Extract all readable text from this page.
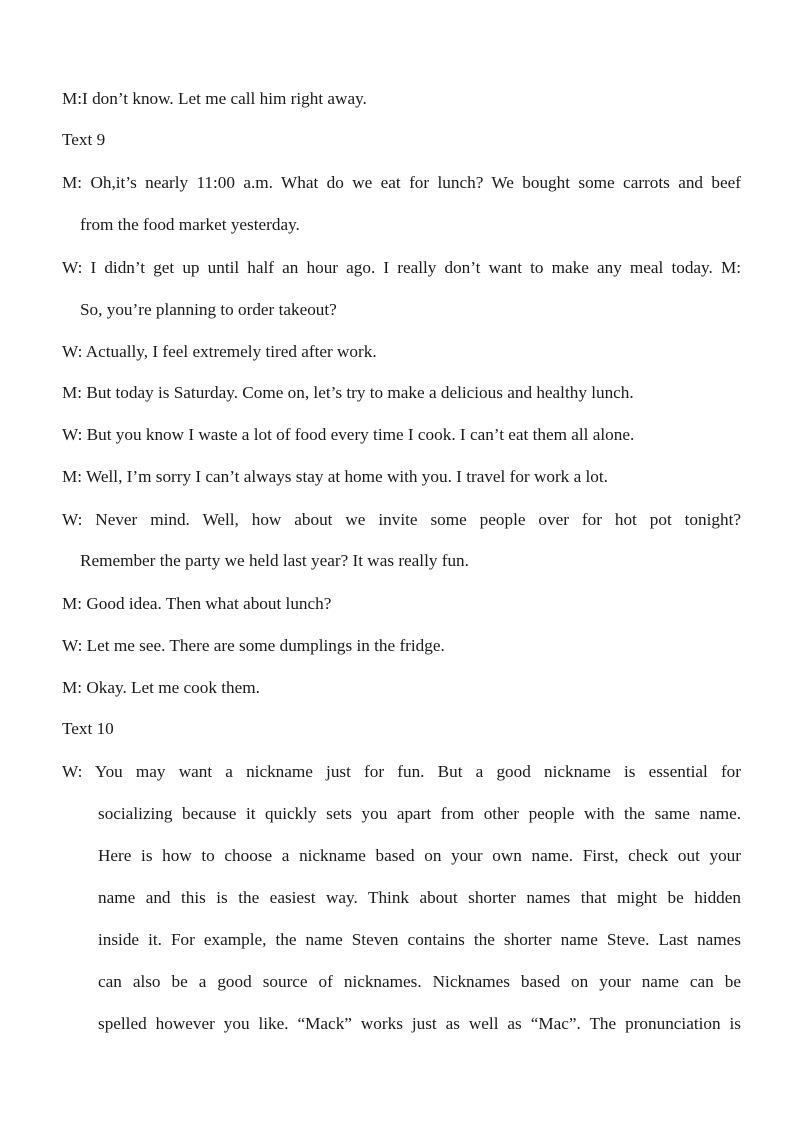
M:I don’t know. Let me call him right away.
Text 9
M: Oh,it’s nearly 11:00 a.m. What do we eat for lunch? We bought some carrots and beef
from the food market yesterday.
W: I didn’t get up until half an hour ago. I really don’t want to make any meal today. M:
So, you’re planning to order takeout?
W: Actually, I feel extremely tired after work.
M: But today is Saturday. Come on, let’s try to make a delicious and healthy lunch.
W: But you know I waste a lot of food every time I cook. I can’t eat them all alone.
M: Well, I’m sorry I can’t always stay at home with you. I travel for work a lot.
W: Never mind. Well, how about we invite some people over for hot pot tonight?
Remember the party we held last year? It was really fun.
M: Good idea. Then what about lunch?
W: Let me see. There are some dumplings in the fridge.
M: Okay. Let me cook them.
Text 10
W: You may want a nickname just for fun. But a good nickname is essential for
socializing because it quickly sets you apart from other people with the same name.
Here is how to choose a nickname based on your own name. First, check out your
name and this is the easiest way. Think about shorter names that might be hidden
inside it. For example, the name Steven contains the shorter name Steve. Last names
can also be a good source of nicknames. Nicknames based on your name can be
spelled however you like. “Mack” works just as well as “Mac”. The pronunciation is
